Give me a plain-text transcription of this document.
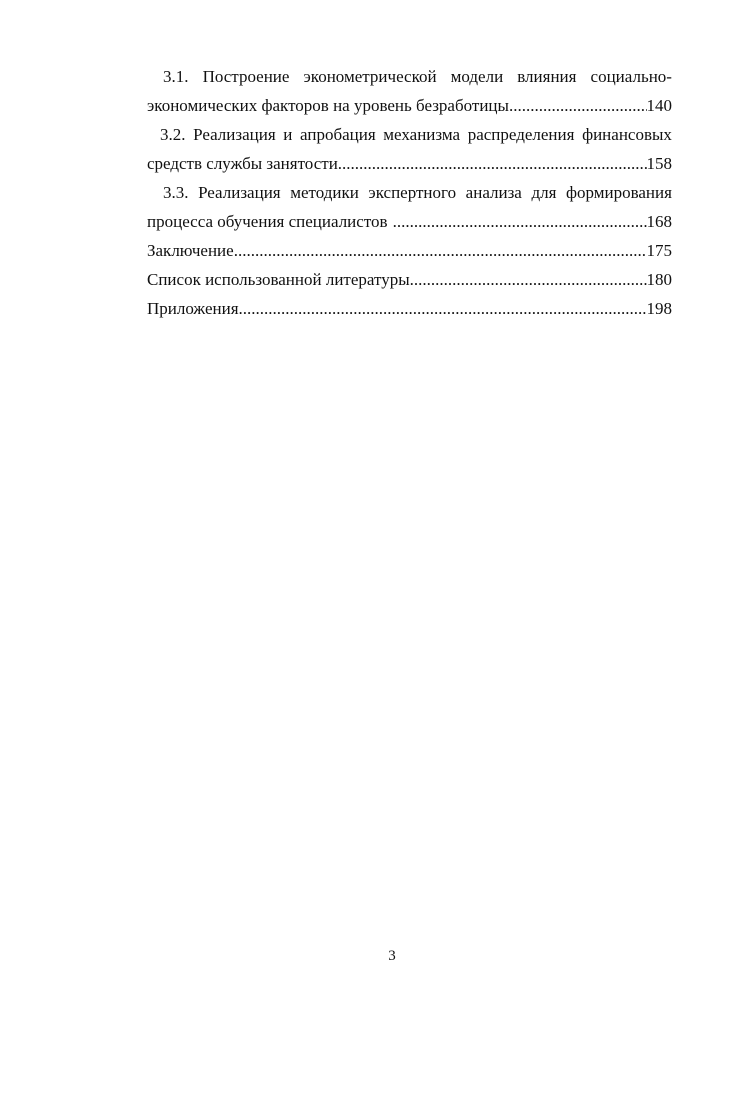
3.1. Построение эконометрической модели влияния социально-
экономических факторов на уровень безработицы .....	140
3.2. Реализация и апробация механизма распределения финансовых
средств службы занятости .....	158
3.3. Реализация методики экспертного анализа для формирования
процесса обучения специалистов .....	168
Заключение .....	175
Список использованной литературы .....	180
Приложения .....	198
3
